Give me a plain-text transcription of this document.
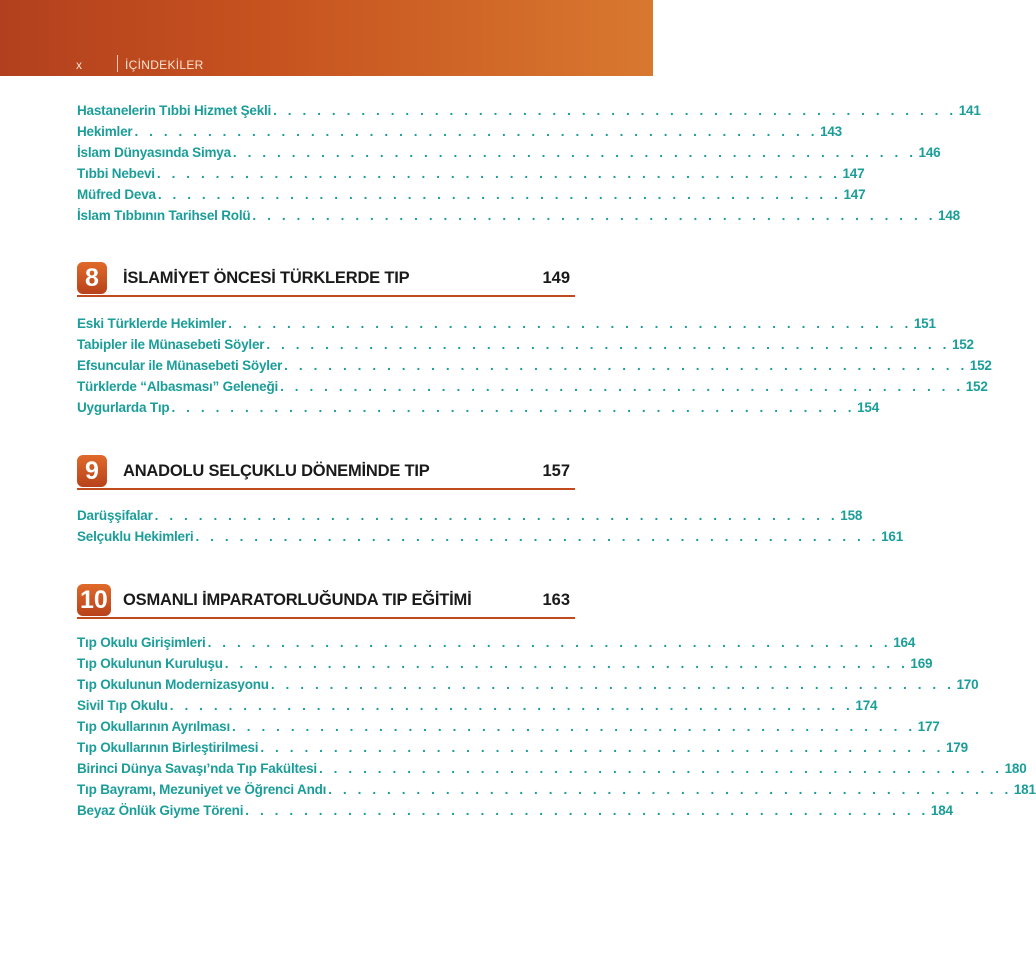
x	İÇİNDEKİLER
Hastanelerin Tıbbi Hizmet Şekli . . . . . . . . . . . . . . . . . . . . . . . . . . . . . . . . . . . . . . . . . . . . . . . 141
Hekimler . . . . . . . . . . . . . . . . . . . . . . . . . . . . . . . . . . . . . . . . . . . . . . . 143
İslam Dünyasında Simya . . . . . . . . . . . . . . . . . . . . . . . . . . . . . . . . . . . . . . . . . . . . . . . 146
Tıbbi Nebevi . . . . . . . . . . . . . . . . . . . . . . . . . . . . . . . . . . . . . . . . . . . . . . . 147
Müfred Deva . . . . . . . . . . . . . . . . . . . . . . . . . . . . . . . . . . . . . . . . . . . . . . . 147
İslam Tıbbının Tarihsel Rolü . . . . . . . . . . . . . . . . . . . . . . . . . . . . . . . . . . . . . . . . . . . . . . . 148
8	İSLAMİYET ÖNCESİ TÜRKLERDE TIP	149
Eski Türklerde Hekimler . . . . . . . . . . . . . . . . . . . . . . . . . . . . . . . . . . . . . . . . . . . . . . . 151
Tabipler ile Münasebeti Söyler . . . . . . . . . . . . . . . . . . . . . . . . . . . . . . . . . . . . . . . . . . . . . . . 152
Efsuncular ile Münasebeti Söyler . . . . . . . . . . . . . . . . . . . . . . . . . . . . . . . . . . . . . . . . . . . . . . . 152
Türklerde “Albasması” Geleneği . . . . . . . . . . . . . . . . . . . . . . . . . . . . . . . . . . . . . . . . . . . . . . . 152
Uygurlarda Tıp . . . . . . . . . . . . . . . . . . . . . . . . . . . . . . . . . . . . . . . . . . . . . . . 154
9	ANADOLU SELÇUKLU DÖNEMİNDE TIP	157
Darüşşifalar . . . . . . . . . . . . . . . . . . . . . . . . . . . . . . . . . . . . . . . . . . . . . . . 158
Selçuklu Hekimleri . . . . . . . . . . . . . . . . . . . . . . . . . . . . . . . . . . . . . . . . . . . . . . . 161
10 OSMANLI İMPARATORLUĞUNDA TIP EĞİTİMİ	163
Tıp Okulu Girişimleri . . . . . . . . . . . . . . . . . . . . . . . . . . . . . . . . . . . . . . . . . . . . . . . 164
Tıp Okulunun Kuruluşu . . . . . . . . . . . . . . . . . . . . . . . . . . . . . . . . . . . . . . . . . . . . . . . 169
Tıp Okulunun Modernizasyonu . . . . . . . . . . . . . . . . . . . . . . . . . . . . . . . . . . . . . . . . . . . . . . . 170
Sivil Tıp Okulu . . . . . . . . . . . . . . . . . . . . . . . . . . . . . . . . . . . . . . . . . . . . . . . 174
Tıp Okullarının Ayrılması . . . . . . . . . . . . . . . . . . . . . . . . . . . . . . . . . . . . . . . . . . . . . . . 177
Tıp Okullarının Birleştirilmesi . . . . . . . . . . . . . . . . . . . . . . . . . . . . . . . . . . . . . . . . . . . . . . . 179
Birinci Dünya Savaşı’nda Tıp Fakültesi . . . . . . . . . . . . . . . . . . . . . . . . . . . . . . . . . . . . . . . . . . . . . . . 180
Tıp Bayramı, Mezuniyet ve Öğrenci Andı . . . . . . . . . . . . . . . . . . . . . . . . . . . . . . . . . . . . . . . . . . . . . . . 181
Beyaz Önlük Giyme Töreni . . . . . . . . . . . . . . . . . . . . . . . . . . . . . . . . . . . . . . . . . . . . . . . 184
